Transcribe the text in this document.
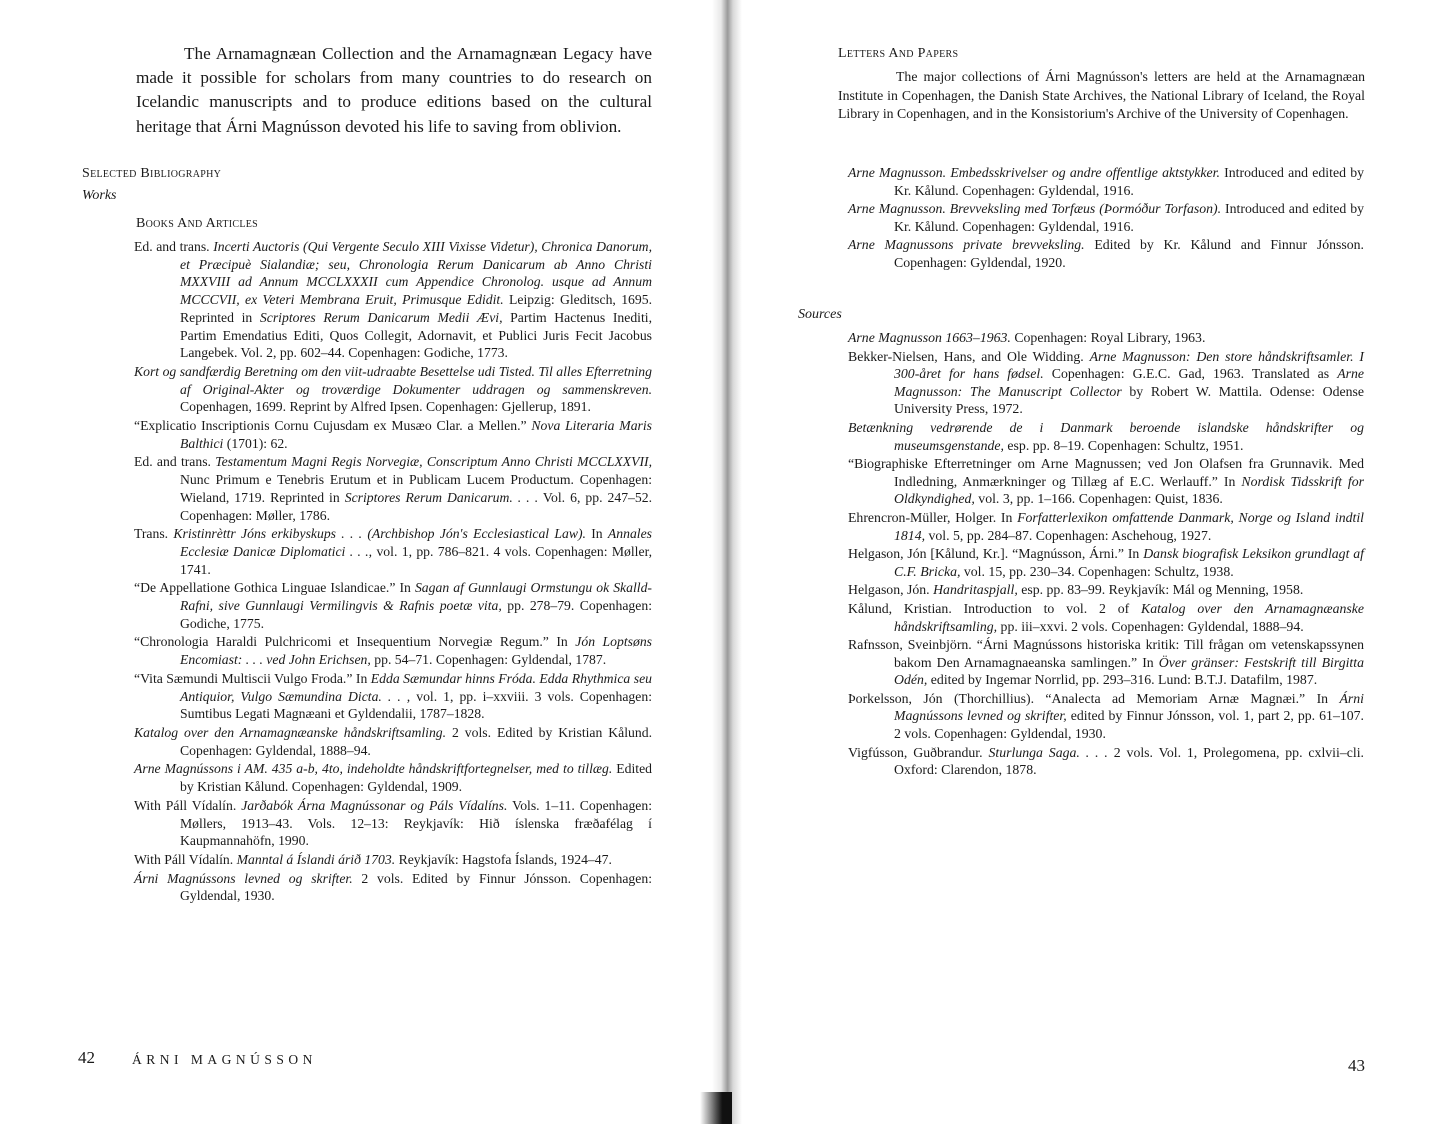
The Arnamagnæan Collection and the Arnamagnæan Legacy have made it possible for scholars from many countries to do research on Icelandic manuscripts and to produce editions based on the cultural heritage that Árni Magnússon devoted his life to saving from oblivion.

Selected Bibliography

Works

Books And Articles

Ed. and trans. Incerti Auctoris (Qui Vergente Seculo XIII Vixisse Videtur), Chronica Danorum, et Præcipuè Sialandiæ; seu, Chronologia Rerum Danicarum ab Anno Christi MXXVIII ad Annum MCCLXXXII cum Appendice Chronolog. usque ad Annum MCCCVII, ex Veteri Membrana Eruit, Primusque Edidit. Leipzig: Gleditsch, 1695. Reprinted in Scriptores Rerum Danicarum Medii Ævi, Partim Hactenus Inediti, Partim Emendatius Editi, Quos Collegit, Adornavit, et Publici Juris Fecit Jacobus Langebek. Vol. 2, pp. 602–44. Copenhagen: Godiche, 1773.
Kort og sandfærdig Beretning om den viit-udraabte Besettelse udi Tisted. Til alles Efterretning af Original-Akter og troværdige Dokumenter uddragen og sammenskreven. Copenhagen, 1699. Reprint by Alfred Ipsen. Copenhagen: Gjellerup, 1891.
“Explicatio Inscriptionis Cornu Cujusdam ex Musæo Clar. a Mellen.” Nova Literaria Maris Balthici (1701): 62.
Ed. and trans. Testamentum Magni Regis Norvegiæ, Conscriptum Anno Christi MCCLXXVII, Nunc Primum e Tenebris Erutum et in Publicam Lucem Productum. Copenhagen: Wieland, 1719. Reprinted in Scriptores Rerum Danicarum. . . . Vol. 6, pp. 247–52. Copenhagen: Møller, 1786.
Trans. Kristinrèttr Jóns erkibyskups . . . (Archbishop Jón's Ecclesiastical Law). In Annales Ecclesiæ Danicæ Diplomatici . . ., vol. 1, pp. 786–821. 4 vols. Copenhagen: Møller, 1741.
“De Appellatione Gothica Linguae Islandicae.” In Sagan af Gunnlaugi Ormstungu ok Skalld-Rafni, sive Gunnlaugi Vermilingvis & Rafnis poetæ vita, pp. 278–79. Copenhagen: Godiche, 1775.
“Chronologia Haraldi Pulchricomi et Insequentium Norvegiæ Regum.” In Jón Loptsøns Encomiast: . . . ved John Erichsen, pp. 54–71. Copenhagen: Gyldendal, 1787.
“Vita Sæmundi Multiscii Vulgo Froda.” In Edda Sæmundar hinns Fróda. Edda Rhythmica seu Antiquior, Vulgo Sæmundina Dicta. . . , vol. 1, pp. i–xxviii. 3 vols. Copenhagen: Sumtibus Legati Magnæani et Gyldendalii, 1787–1828.
Katalog over den Arnamagnæanske håndskriftsamling. 2 vols. Edited by Kristian Kålund. Copenhagen: Gyldendal, 1888–94.
Arne Magnússons i AM. 435 a-b, 4to, indeholdte håndskriftfortegnelser, med to tillæg. Edited by Kristian Kålund. Copenhagen: Gyldendal, 1909.
With Páll Vídalín. Jarðabók Árna Magnússonar og Páls Vídalíns. Vols. 1–11. Copenhagen: Møllers, 1913–43. Vols. 12–13: Reykjavík: Hið íslenska fræðafélag í Kaupmannahöfn, 1990.
With Páll Vídalín. Manntal á Íslandi árið 1703. Reykjavík: Hagstofa Íslands, 1924–47.
Árni Magnússons levned og skrifter. 2 vols. Edited by Finnur Jónsson. Copenhagen: Gyldendal, 1930.

42	ÁRNI MAGNÚSSON

Letters And Papers

The major collections of Árni Magnússon's letters are held at the Arnamagnæan Institute in Copenhagen, the Danish State Archives, the National Library of Iceland, the Royal Library in Copenhagen, and in the Konsistorium's Archive of the University of Copenhagen.

Arne Magnusson. Embedsskrivelser og andre offentlige aktstykker. Introduced and edited by Kr. Kålund. Copenhagen: Gyldendal, 1916.
Arne Magnusson. Brevveksling med Torfæus (Þormóður Torfason). Introduced and edited by Kr. Kålund. Copenhagen: Gyldendal, 1916.
Arne Magnussons private brevveksling. Edited by Kr. Kålund and Finnur Jónsson. Copenhagen: Gyldendal, 1920.

Sources

Arne Magnusson 1663–1963. Copenhagen: Royal Library, 1963.
Bekker-Nielsen, Hans, and Ole Widding. Arne Magnusson: Den store håndskriftsamler. I 300-året for hans fødsel. Copenhagen: G.E.C. Gad, 1963. Translated as Arne Magnusson: The Manuscript Collector by Robert W. Mattila. Odense: Odense University Press, 1972.
Betænkning vedrørende de i Danmark beroende islandske håndskrifter og museumsgenstande, esp. pp. 8–19. Copenhagen: Schultz, 1951.
“Biographiske Efterretninger om Arne Magnussen; ved Jon Olafsen fra Grunnavik. Med Indledning, Anmærkninger og Tillæg af E.C. Werlauff.” In Nordisk Tidsskrift for Oldkyndighed, vol. 3, pp. 1–166. Copenhagen: Quist, 1836.
Ehrencron-Müller, Holger. In Forfatterlexikon omfattende Danmark, Norge og Island indtil 1814, vol. 5, pp. 284–87. Copenhagen: Aschehoug, 1927.
Helgason, Jón [Kålund, Kr.]. “Magnússon, Árni.” In Dansk biografisk Leksikon grundlagt af C.F. Bricka, vol. 15, pp. 230–34. Copenhagen: Schultz, 1938.
Helgason, Jón. Handritaspjall, esp. pp. 83–99. Reykjavík: Mál og Menning, 1958.
Kålund, Kristian. Introduction to vol. 2 of Katalog over den Arnamagnæanske håndskriftsamling, pp. iii–xxvi. 2 vols. Copenhagen: Gyldendal, 1888–94.
Rafnsson, Sveinbjörn. “Árni Magnússons historiska kritik: Till frågan om vetenskapssynen bakom Den Arnamagnaeanska samlingen.” In Över gränser: Festskrift till Birgitta Odén, edited by Ingemar Norrlid, pp. 293–316. Lund: B.T.J. Datafilm, 1987.
Þorkelsson, Jón (Thorchillius). “Analecta ad Memoriam Arnæ Magnæi.” In Árni Magnússons levned og skrifter, edited by Finnur Jónsson, vol. 1, part 2, pp. 61–107. 2 vols. Copenhagen: Gyldendal, 1930.
Vigfússon, Guðbrandur. Sturlunga Saga. . . . 2 vols. Vol. 1, Prolegomena, pp. cxlvii–cli. Oxford: Clarendon, 1878.

43
